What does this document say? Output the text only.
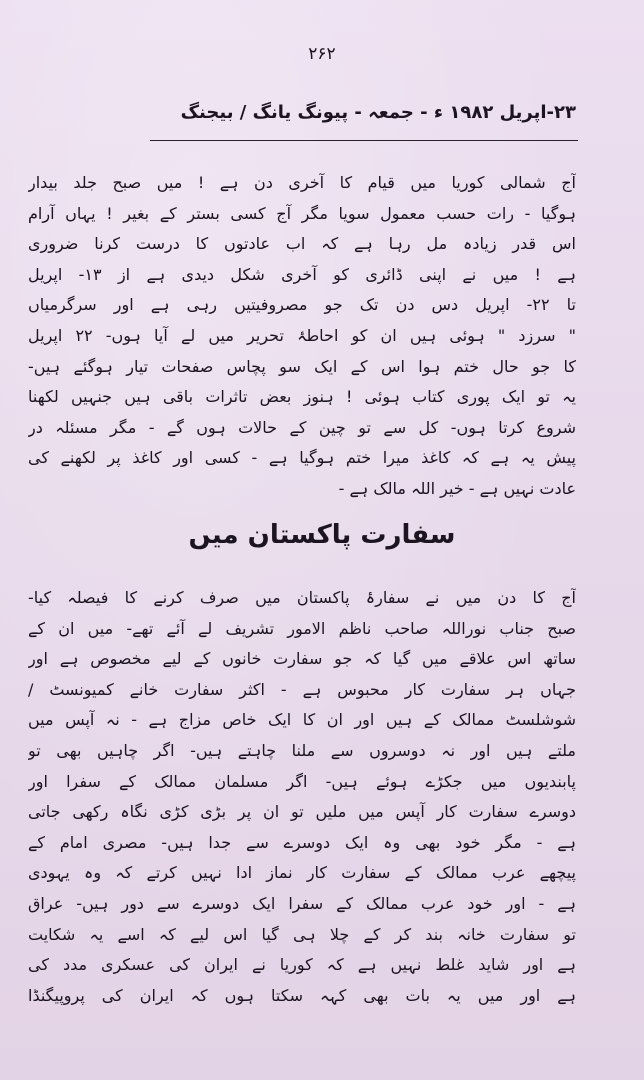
۲۶۲
۲۳-اپریل ۱۹۸۲ ء - جمعہ - پیونگ یانگ / بیجنگ
آج شمالی کوریا میں قیام کا آخری دن ہے ! میں صبح جلد بیدار
ہوگیا - رات حسب معمول سویا مگر آج کسی بستر کے بغیر ! یہاں آرام
اس قدر زیادہ مل رہا ہے کہ اب عادتوں کا درست کرنا ضروری
ہے ! میں نے اپنی ڈائری کو آخری شکل دیدی ہے از ۱۳- اپریل
تا ۲۲- اپریل دس دن تک جو مصروفیتیں رہی ہے اور سرگرمیاں
" سرزد " ہوئی ہیں ان کو احاطۂ تحریر میں لے آیا ہوں- ۲۲ اپریل
کا جو حال ختم ہوا اس کے ایک سو پچاس صفحات تیار ہوگئے ہیں-
یہ تو ایک پوری کتاب ہوئی ! ہنوز بعض تاثرات باقی ہیں جنہیں لکھنا
شروع کرتا ہوں- کل سے تو چین کے حالات ہوں گے - مگر مسئلہ در
پیش یہ ہے کہ کاغذ میرا ختم ہوگیا ہے - کسی اور کاغذ پر لکھنے کی
عادت نہیں ہے - خیر اللہ مالک ہے -
سفارت پاکستان میں
آج کا دن میں نے سفارۂ پاکستان میں صرف کرنے کا فیصلہ کیا-
صبح جناب نوراللہ صاحب ناظم الامور تشریف لے آئے تھے- میں ان کے
ساتھ اس علاقے میں گیا کہ جو سفارت خانوں کے لیے مخصوص ہے اور
جہاں ہر سفارت کار محبوس ہے - اکثر سفارت خانے کمیونسٹ /
شوشلسٹ ممالک کے ہیں اور ان کا ایک خاص مزاج ہے - نہ آپس میں
ملتے ہیں اور نہ دوسروں سے ملنا چاہتے ہیں- اگر چاہیں بھی تو
پابندیوں میں جکڑے ہوئے ہیں- اگر مسلمان ممالک کے سفرا اور
دوسرے سفارت کار آپس میں ملیں تو ان پر بڑی کڑی نگاہ رکھی جاتی
ہے - مگر خود بھی وہ ایک دوسرے سے جدا ہیں- مصری امام کے
پیچھے عرب ممالک کے سفارت کار نماز ادا نہیں کرتے کہ وہ یہودی
ہے - اور خود عرب ممالک کے سفرا ایک دوسرے سے دور ہیں- عراق
تو سفارت خانہ بند کر کے چلا ہی گیا اس لیے کہ اسے یہ شکایت
ہے اور شاید غلط نہیں ہے کہ کوریا نے ایران کی عسکری مدد کی
ہے اور میں یہ بات بھی کہہ سکتا ہوں کہ ایران کی پروپیگنڈا
